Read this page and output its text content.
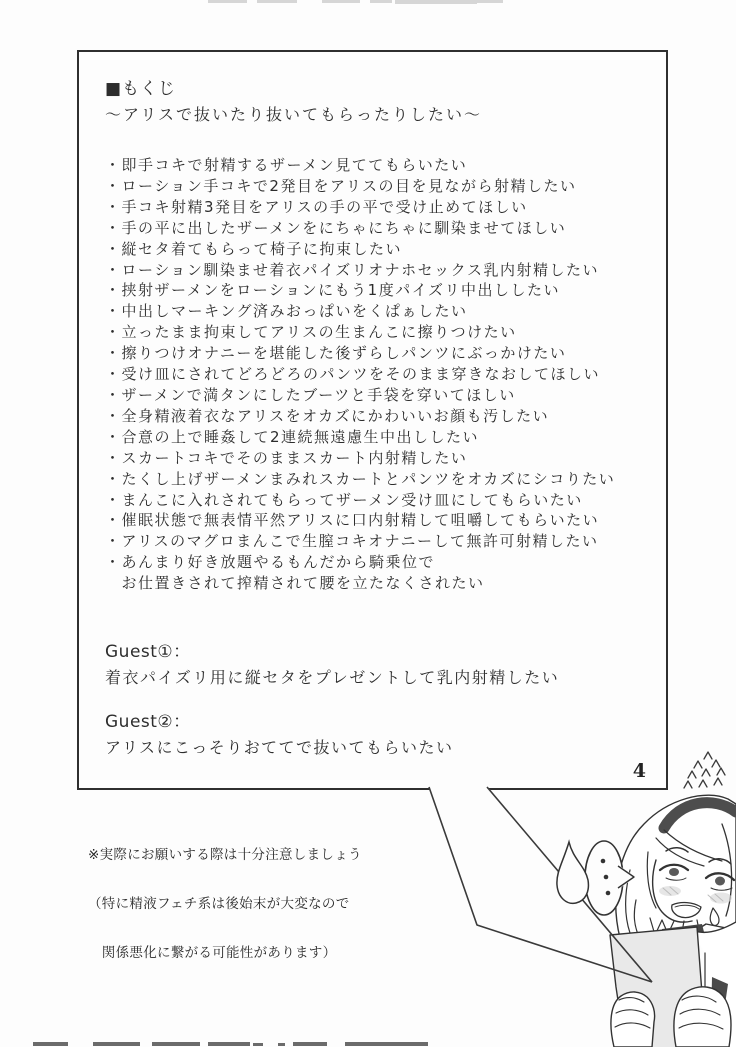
■もくじ
〜アリスで抜いたり抜いてもらったりしたい〜
・即手コキで射精するザーメン見ててもらいたい
・ローション手コキで2発目をアリスの目を見ながら射精したい
・手コキ射精3発目をアリスの手の平で受け止めてほしい
・手の平に出したザーメンをにちゃにちゃに馴染ませてほしい
・縦セタ着てもらって椅子に拘束したい
・ローション馴染ませ着衣パイズリオナホセックス乳内射精したい
・挟射ザーメンをローションにもう1度パイズリ中出ししたい
・中出しマーキング済みおっぱいをくぱぁしたい
・立ったまま拘束してアリスの生まんこに擦りつけたい
・擦りつけオナニーを堪能した後ずらしパンツにぶっかけたい
・受け皿にされてどろどろのパンツをそのまま穿きなおしてほしい
・ザーメンで満タンにしたブーツと手袋を穿いてほしい
・全身精液着衣なアリスをオカズにかわいいお顔も汚したい
・合意の上で睡姦して2連続無遠慮生中出ししたい
・スカートコキでそのままスカート内射精したい
・たくし上げザーメンまみれスカートとパンツをオカズにシコりたい
・まんこに入れされてもらってザーメン受け皿にしてもらいたい
・催眠状態で無表情平然アリスに口内射精して咀嚼してもらいたい
・アリスのマグロまんこで生膣コキオナニーして無許可射精したい
・あんまり好き放題やるもんだから騎乗位で
　お仕置きされて搾精されて腰を立たなくされたい
Guest①：
着衣パイズリ用に縦セタをプレゼントして乳内射精したい
Guest②：
アリスにこっそりおててで抜いてもらいたい
4

※実際にお願いする際は十分注意しましょう

（特に精液フェチ系は後始末が大変なので

　関係悪化に繋がる可能性があります）
